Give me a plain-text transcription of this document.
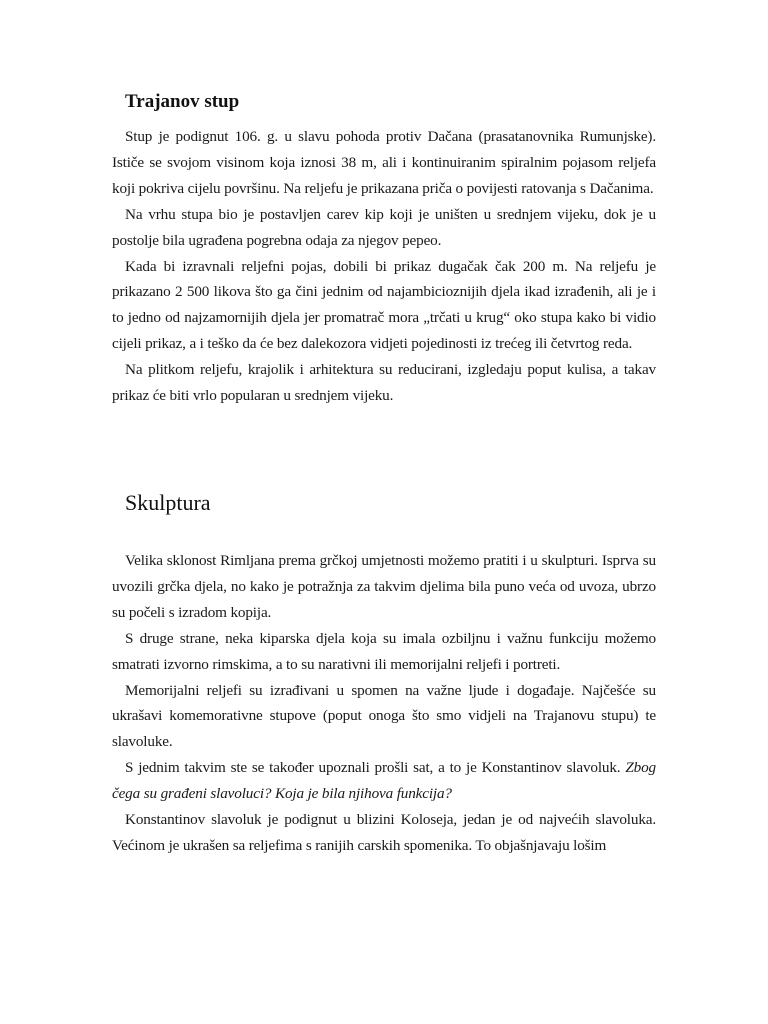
Trajanov stup

Stup je podignut 106. g. u slavu pohoda protiv Dačana (prasatanovnika Rumunjske). Ističe se svojom visinom koja iznosi 38 m, ali i kontinuiranim spiralnim pojasom reljefa koji pokriva cijelu površinu. Na reljefu je prikazana priča o povijesti ratovanja s Dačanima.

Na vrhu stupa bio je postavljen carev kip koji je uništen u srednjem vijeku, dok je u postolje bila ugrađena pogrebna odaja za njegov pepeo.

Kada bi izravnali reljefni pojas, dobili bi prikaz dugačak čak 200 m. Na reljefu je prikazano 2 500 likova što ga čini jednim od najambicioznijih djela ikad izrađenih, ali je i to jedno od najzamornijih djela jer promatrač mora „trčati u krug“ oko stupa kako bi vidio cijeli prikaz, a i teško da će bez dalekozora vidjeti pojedinosti iz trećeg ili četvrtog reda.

Na plitkom reljefu, krajolik i arhitektura su reducirani, izgledaju poput kulisa, a takav prikaz će biti vrlo popularan u srednjem vijeku.

Skulptura

Velika sklonost Rimljana prema grčkoj umjetnosti možemo pratiti i u skulpturi. Isprva su uvozili grčka djela, no kako je potražnja za takvim djelima bila puno veća od uvoza, ubrzo su počeli s izradom kopija.

S druge strane, neka kiparska djela koja su imala ozbiljnu i važnu funkciju možemo smatrati izvorno rimskima, a to su narativni ili memorijalni reljefi i portreti.

Memorijalni reljefi su izrađivani u spomen na važne ljude i događaje. Najčešće su ukrašavi komemorativne stupove (poput onoga što smo vidjeli na Trajanovu stupu) te slavoluke.

S jednim takvim ste se također upoznali prošli sat, a to je Konstantinov slavoluk. Zbog čega su građeni slavoluci? Koja je bila njihova funkcija?

Konstantinov slavoluk je podignut u blizini Koloseja, jedan je od najvećih slavoluka. Većinom je ukrašen sa reljefima s ranijih carskih spomenika. To objašnjavaju lošim
